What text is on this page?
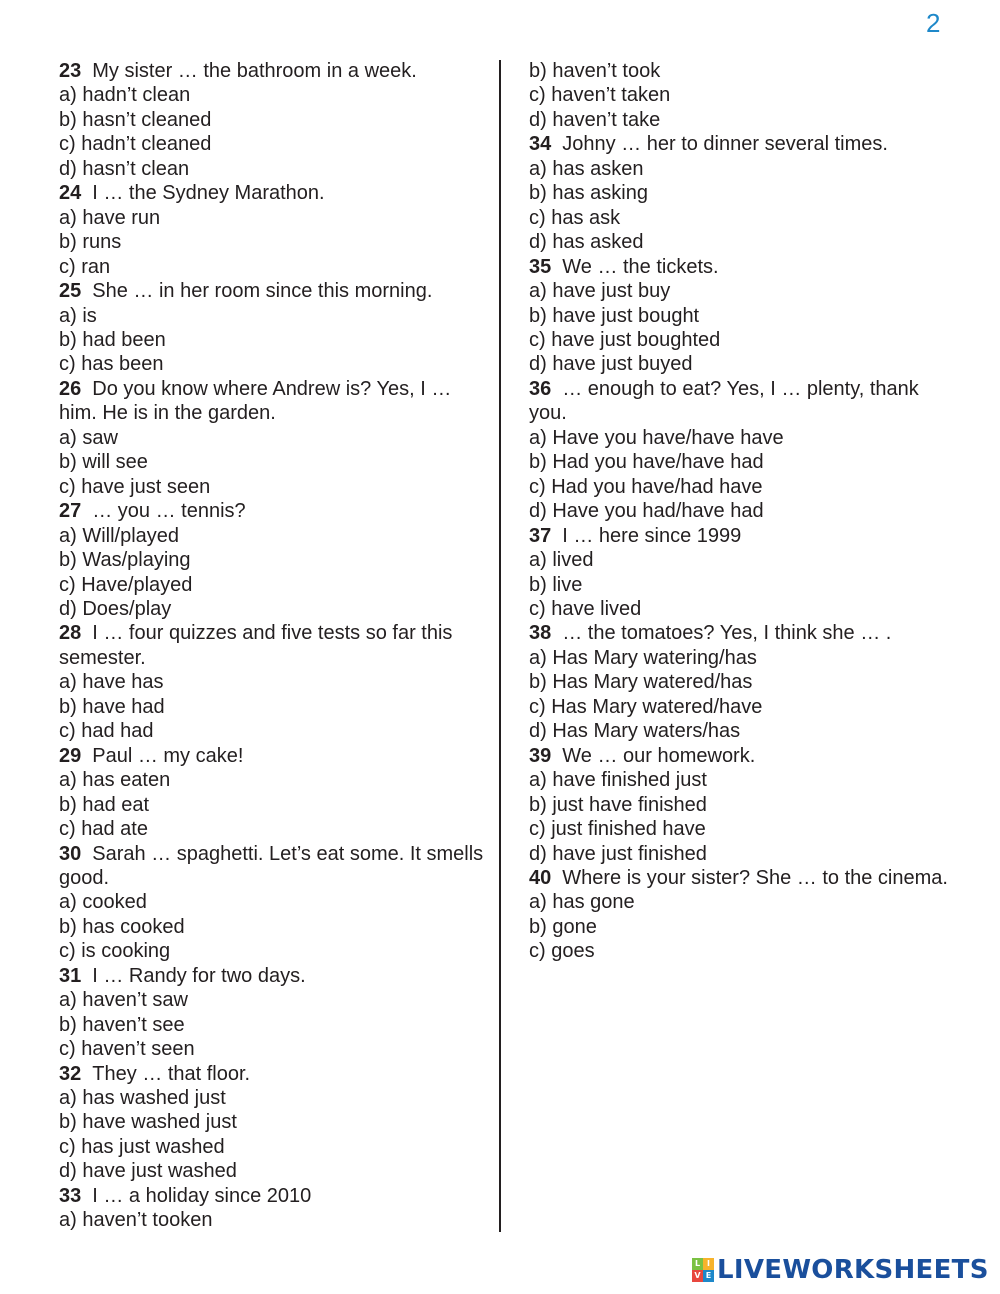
2
23 My sister … the bathroom in a week.
a) hadn’t clean
b) hasn’t cleaned
c) hadn’t cleaned
d) hasn’t clean
24 I … the Sydney Marathon.
a) have run
b) runs
c) ran
25 She … in her room since this morning.
a) is
b) had been
c) has been
26 Do you know where Andrew is? Yes, I … him. He is in the garden.
a) saw
b) will see
c) have just seen
27 … you … tennis?
a) Will/played
b) Was/playing
c) Have/played
d) Does/play
28 I … four quizzes and five tests so far this semester.
a) have has
b) have had
c) had had
29 Paul … my cake!
a) has eaten
b) had eat
c) had ate
30 Sarah … spaghetti. Let’s eat some. It smells good.
a) cooked
b) has cooked
c) is cooking
31 I … Randy for two days.
a) haven’t saw
b) haven’t see
c) haven’t seen
32 They … that floor.
a) has washed just
b) have washed just
c) has just washed
d) have just washed
33 I … a holiday since 2010
a) haven’t tooken
b) haven’t took
c) haven’t taken
d) haven’t take
34 Johny … her to dinner several times.
a) has asken
b) has asking
c) has ask
d) has asked
35 We … the tickets.
a) have just buy
b) have just bought
c) have just boughted
d) have just buyed
36 … enough to eat? Yes, I … plenty, thank you.
a) Have you have/have have
b) Had you have/have had
c) Had you have/had have
d) Have you had/have had
37 I … here since 1999
a) lived
b) live
c) have lived
38 … the tomatoes? Yes, I think she … .
a) Has Mary watering/has
b) Has Mary watered/has
c) Has Mary watered/have
d) Has Mary waters/has
39 We … our homework.
a) have finished just
b) just have finished
c) just finished have
d) have just finished
40 Where is your sister? She … to the cinema.
a) has gone
b) gone
c) goes
L I
V E LIVEWORKSHEETS
